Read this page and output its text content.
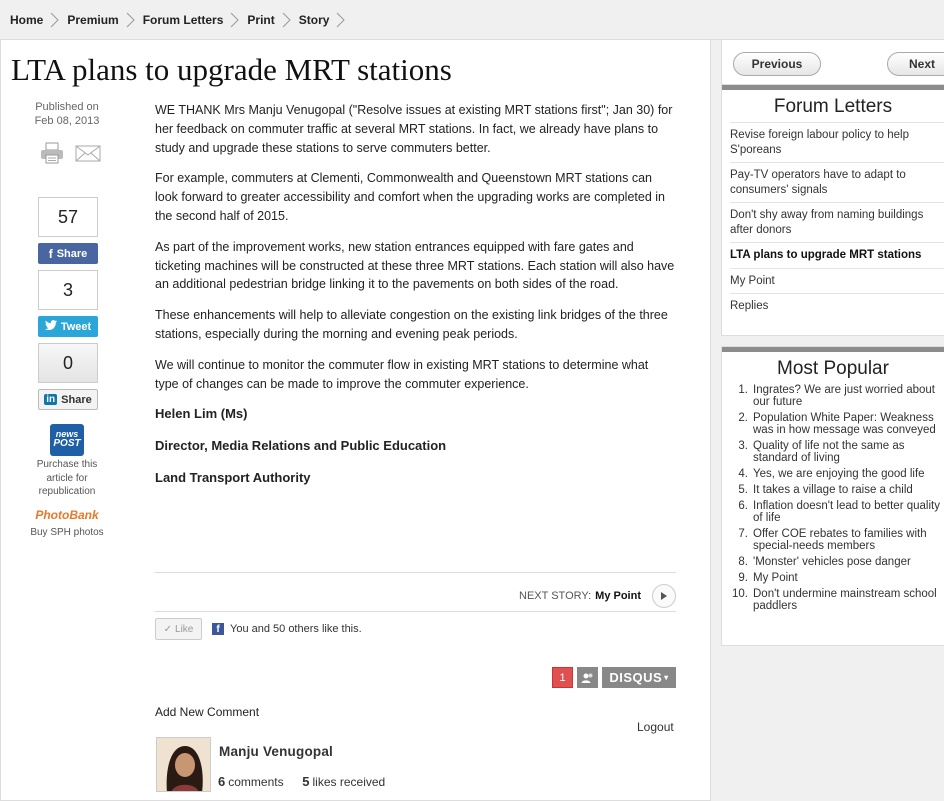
Home Premium Forum Letters Print Story
LTA plans to upgrade MRT stations
Published on
Feb 08, 2013
57
f Share
3
Tweet
0
in Share
news
POST
Purchase this article for republication
PhotoBank
Buy SPH photos

WE THANK Mrs Manju Venugopal ("Resolve issues at existing MRT stations first"; Jan 30) for her feedback on commuter traffic at several MRT stations. In fact, we already have plans to study and upgrade these stations to serve commuters better.

For example, commuters at Clementi, Commonwealth and Queenstown MRT stations can look forward to greater accessibility and comfort when the upgrading works are completed in the second half of 2015.

As part of the improvement works, new station entrances equipped with fare gates and ticketing machines will be constructed at these three MRT stations. Each station will also have an additional pedestrian bridge linking it to the pavements on both sides of the road.

These enhancements will help to alleviate congestion on the existing link bridges of the three stations, especially during the morning and evening peak periods.

We will continue to monitor the commuter flow in existing MRT stations to determine what type of changes can be made to improve the commuter experience.

Helen Lim (Ms)

Director, Media Relations and Public Education

Land Transport Authority

NEXT STORY: My Point
✓ Like	f You and 50 others like this.
1	DISQUS ▾
Add New Comment
Logout
Manju Venugopal
6 comments 5 likes received
Previous	Next
Forum Letters
Revise foreign labour policy to help S'poreans
Pay-TV operators have to adapt to consumers' signals
Don't shy away from naming buildings after donors
LTA plans to upgrade MRT stations
My Point
Replies
Most Popular
1. Ingrates? We are just worried about our future
2. Population White Paper: Weakness was in how message was conveyed
3. Quality of life not the same as standard of living
4. Yes, we are enjoying the good life
5. It takes a village to raise a child
6. Inflation doesn't lead to better quality of life
7. Offer COE rebates to families with special-needs members
8. 'Monster' vehicles pose danger
9. My Point
10. Don't undermine mainstream school paddlers
